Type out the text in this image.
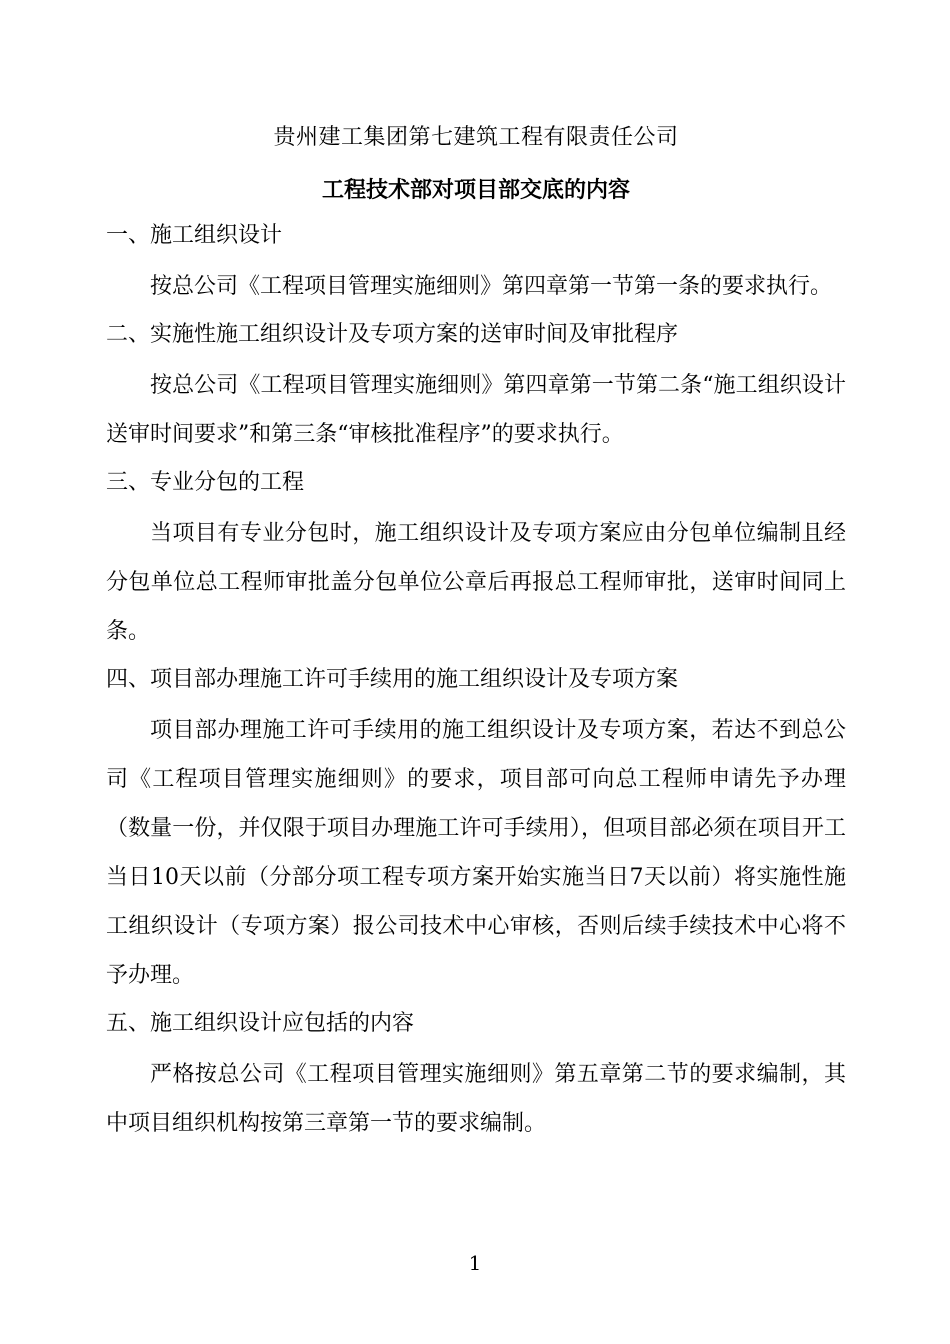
贵州建工集团第七建筑工程有限责任公司
工程技术部对项目部交底的内容
一、施工组织设计
按总公司《工程项目管理实施细则》第四章第一节第一条的要求执行。
二、实施性施工组织设计及专项方案的送审时间及审批程序
按总公司《工程项目管理实施细则》第四章第一节第二条“施工组织设计送审时间要求”和第三条“审核批准程序”的要求执行。
三、专业分包的工程
当项目有专业分包时，施工组织设计及专项方案应由分包单位编制且经分包单位总工程师审批盖分包单位公章后再报总工程师审批，送审时间同上条。
四、项目部办理施工许可手续用的施工组织设计及专项方案
项目部办理施工许可手续用的施工组织设计及专项方案，若达不到总公司《工程项目管理实施细则》的要求，项目部可向总工程师申请先予办理（数量一份，并仅限于项目办理施工许可手续用），但项目部必须在项目开工当日10天以前（分部分项工程专项方案开始实施当日7天以前）将实施性施工组织设计（专项方案）报公司技术中心审核，否则后续手续技术中心将不予办理。
五、施工组织设计应包括的内容
严格按总公司《工程项目管理实施细则》第五章第二节的要求编制，其中项目组织机构按第三章第一节的要求编制。
1
